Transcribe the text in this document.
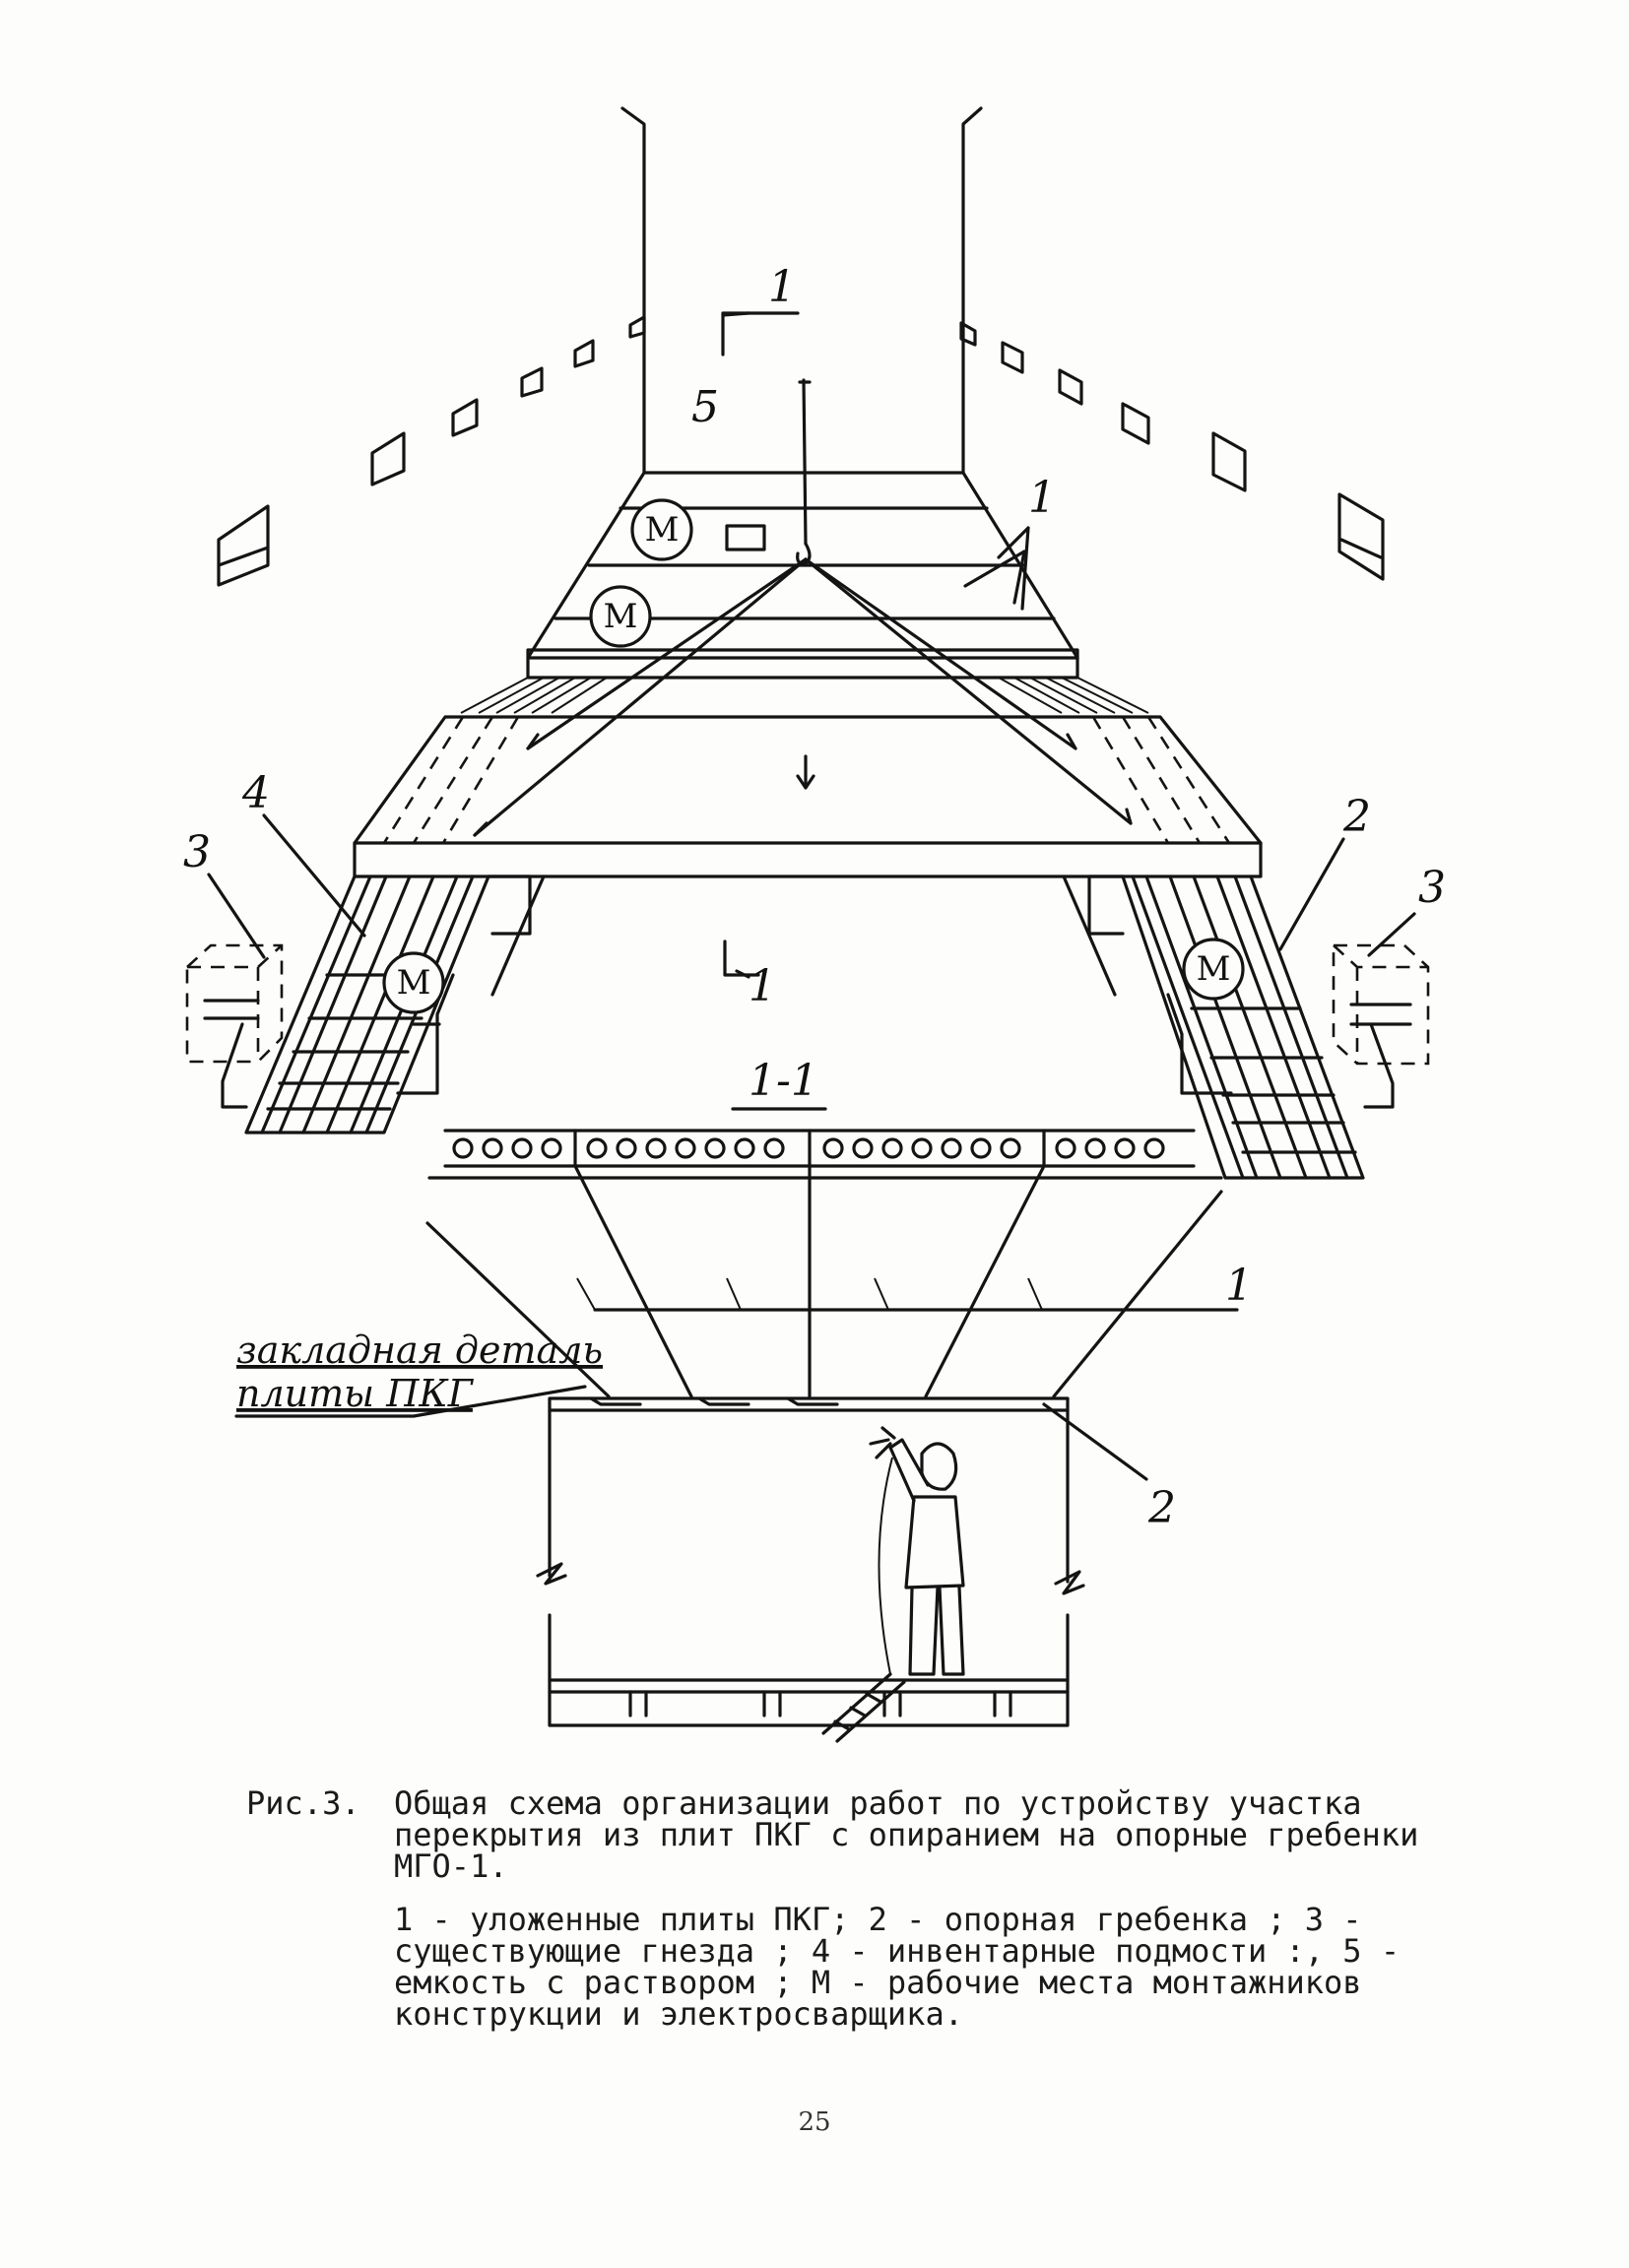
1
М
М
5
1
М	М
4	2
3
3
1
1-1
1
закладная деталь
плиты ПКГ
2
Рис.3.	Общая схема организации работ по устройству участка перекрытия из плит ПКГ с опиранием на опорные гребенки МГО-1.
1 - уложенные плиты ПКГ; 2 - опорная гребенка ; 3 - существующие гнезда ; 4 - инвентарные подмости :, 5 - емкость с раствором ; М - рабочие места монтажников конструкции и электросварщика.
25
